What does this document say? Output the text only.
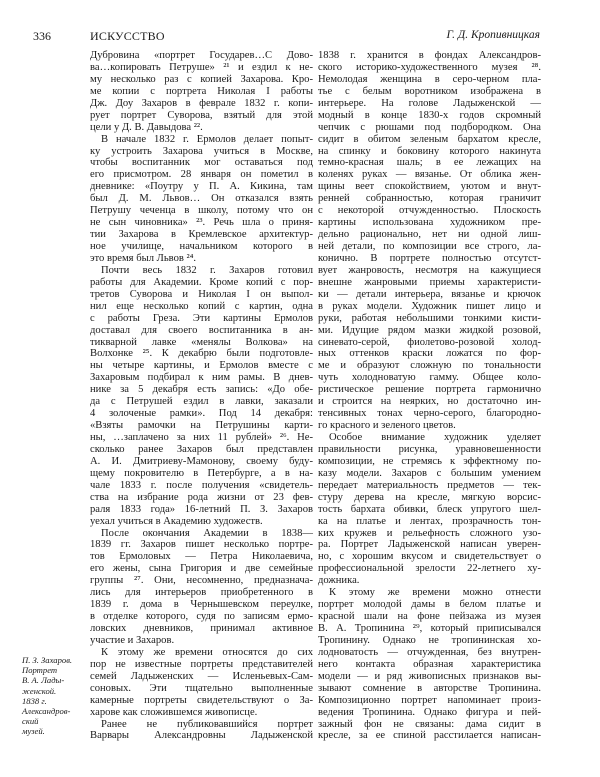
336	ИСКУССТВО	Г. Д. Кропивницкая
П. З. Захаров.
Портрет
В. А. Лады-
женской.
1838 г.
Александров-
ский
музей.
Дубровина «портрет Государев…С Дово-
ва…копировать Петруше» ²¹ и ездил к не-
му несколько раз с копией Захарова. Кро-
ме копии с портрета Николая I работы
Дж. Доу Захаров в феврале 1832 г. копи-
рует портрет Суворова, взятый для этой
цели у Д. В. Давыдова ²².
В начале 1832 г. Ермолов делает попыт-
ку устроить Захарова учиться в Москве,
чтобы воспитанник мог оставаться под
его присмотром. 28 января он пометил в
дневнике: «Поутру у П. А. Кикина, там
был Д. М. Львов… Он отказался взять
Петрушу чеченца в школу, потому что он
не сын чиновника» ²³. Речь шла о приня-
тии Захарова в Кремлевское архитектур-
ное училище, начальником которого в
это время был Львов ²⁴.
Почти весь 1832 г. Захаров готовил
работы для Академии. Кроме копий с пор-
третов Суворова и Николая I он выпол-
нил еще несколько копий с картин, одна
с работы Греза. Эти картины Ермолов
доставал для своего воспитанника в ан-
тикварной лавке «менялы Волкова» на
Волхонке ²⁵. К декабрю были подготовле-
ны четыре картины, и Ермолов вместе с
Захаровым подбирал к ним рамы. В днев-
нике за 5 декабря есть запись: «До обе-
да с Петрушей ездил в лавки, заказали
4 золоченые рамки». Под 14 декабря:
«Взяты рамочки на Петрушины карти-
ны, …заплачено за них 11 рублей» ²⁶. Не-
сколько ранее Захаров был представлен
А. И. Дмитриеву-Мамонову, своему буду-
щему покровителю в Петербурге, а в на-
чале 1833 г. после получения «свидетель-
ства на избрание рода жизни от 23 фев-
раля 1833 года» 16-летний П. З. Захаров
уехал учиться в Академию художеств.
После окончания Академии в 1838—
1839 гг. Захаров пишет несколько портре-
тов Ермоловых — Петра Николаевича,
его жены, сына Григория и две семейные
группы ²⁷. Они, несомненно, предназнача-
лись для интерьеров приобретенного в
1839 г. дома в Чернышевском переулке,
в отделке которого, судя по записям ермо-
ловских дневников, принимал активное
участие и Захаров.
К этому же времени относятся до сих
пор не известные портреты представителей
семей Ладыженских — Исленьевых-Сам-
соновых. Эти тщательно выполненные
камерные портреты свидетельствуют о За-
харове как сложившемся живописце.
Ранее не публиковавшийся портрет
Варвары Александровны Ладыженской
1838 г. хранится в фондах Александров-
ского историко-художественного музея ²⁸.
Немолодая женщина в серо-черном пла-
тье с белым воротником изображена в
интерьере. На голове Ладыженской —
модный в конце 1830-х годов скромный
чепчик с рюшами под подбородком. Она
сидит в обитом зеленым бархатом кресле,
на спинку и боковину которого накинута
темно-красная шаль; в ее лежащих на
коленях руках — вязанье. От облика жен-
щины веет спокойствием, уютом и внут-
ренней собранностью, которая граничит
с некоторой отчужденностью. Плоскость
картины использована художником пре-
дельно рационально, нет ни одной лиш-
ней детали, по композиции все строго, ла-
конично. В портрете полностью отсутст-
вует жанровость, несмотря на кажущиеся
внешне жанровыми приемы характеристи-
ки — детали интерьера, вязанье и крючок
в руках модели. Художник пишет лицо и
руки, работая небольшими тонкими кисти-
ми. Идущие рядом мазки жидкой розовой,
синевато-серой, фиолетово-розовой холод-
ных оттенков краски ложатся по фор-
ме и образуют сложную по тональности
чуть холодноватую гамму. Общее коло-
ристическое решение портрета гармонично
и строится на неярких, но достаточно ин-
тенсивных тонах черно-серого, благородно-
го красного и зеленого цветов.
Особое внимание художник уделяет
правильности рисунка, уравновешенности
композиции, не стремясь к эффектному по-
казу модели. Захаров с большим умением
передает материальность предметов — тек-
стуру дерева на кресле, мягкую ворсис-
тость бархата обивки, блеск упругого шел-
ка на платье и лентах, прозрачность тон-
ких кружев и рельефность сложного узо-
ра. Портрет Ладыженской написан уверен-
но, с хорошим вкусом и свидетельствует о
профессиональной зрелости 22-летнего ху-
дожника.
К этому же времени можно отнести
портрет молодой дамы в белом платье и
красной шали на фоне пейзажа из музея
В. А. Тропинина ²⁹, который приписывался
Тропинину. Однако не тропининская хо-
лодноватость — отчужденная, без внутрен-
него контакта образная характеристика
модели — и ряд живописных признаков вы-
зывают сомнение в авторстве Тропинина.
Композиционно портрет напоминает произ-
ведения Тропинина. Однако фигура и пей-
зажный фон не связаны: дама сидит в
кресле, за ее спиной расстилается написан-
